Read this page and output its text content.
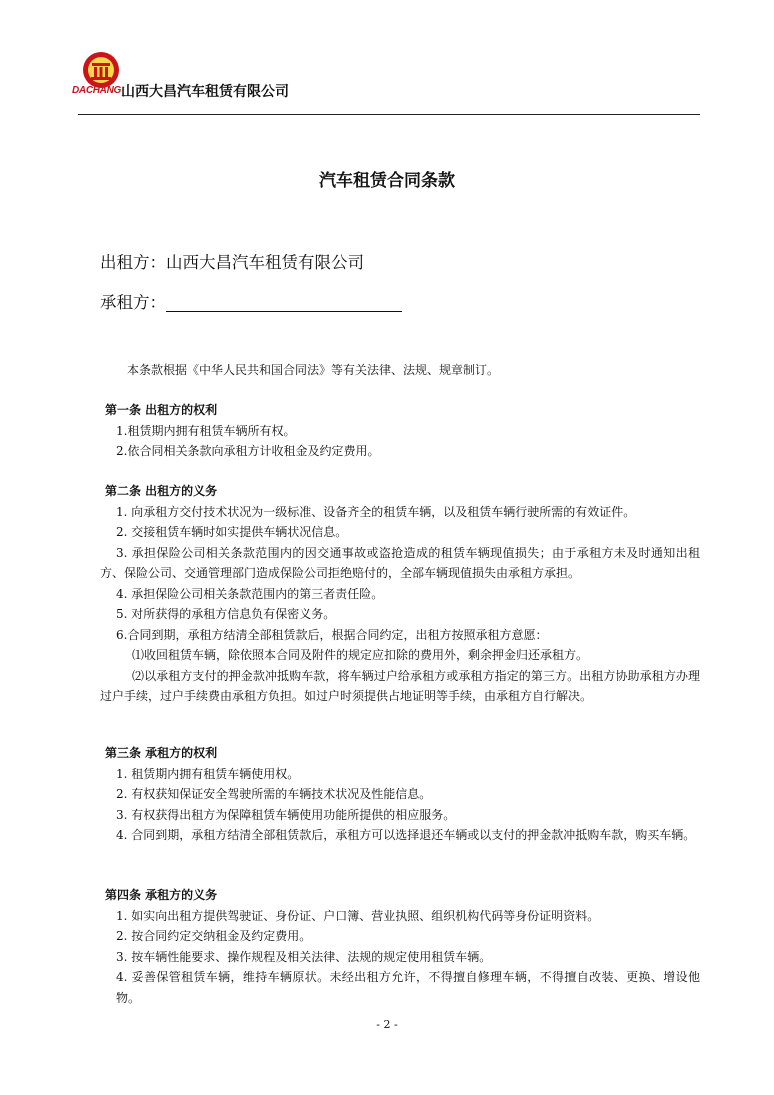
DACHANG 山西大昌汽车租赁有限公司
汽车租赁合同条款
出租方：山西大昌汽车租赁有限公司
承租方：
本条款根据《中华人民共和国合同法》等有关法律、法规、规章制订。
第一条 出租方的权利

1.租赁期内拥有租赁车辆所有权。

2.依合同相关条款向承租方计收租金及约定费用。

第二条 出租方的义务

1. 向承租方交付技术状况为一级标准、设备齐全的租赁车辆，以及租赁车辆行驶所需的有效证件。

2. 交接租赁车辆时如实提供车辆状况信息。

3. 承担保险公司相关条款范围内的因交通事故或盗抢造成的租赁车辆现值损失；由于承租方未及时通知出租方、保险公司、交通管理部门造成保险公司拒绝赔付的，全部车辆现值损失由承租方承担。

4. 承担保险公司相关条款范围内的第三者责任险。

5. 对所获得的承租方信息负有保密义务。

6.合同到期，承租方结清全部租赁款后，根据合同约定，出租方按照承租方意愿：

⑴收回租赁车辆，除依照本合同及附件的规定应扣除的费用外，剩余押金归还承租方。

⑵以承租方支付的押金款冲抵购车款，将车辆过户给承租方或承租方指定的第三方。出租方协助承租方办理过户手续，过户手续费由承租方负担。如过户时须提供占地证明等手续，由承租方自行解决。

第三条 承租方的权利

1. 租赁期内拥有租赁车辆使用权。

2. 有权获知保证安全驾驶所需的车辆技术状况及性能信息。

3. 有权获得出租方为保障租赁车辆使用功能所提供的相应服务。

4. 合同到期，承租方结清全部租赁款后，承租方可以选择退还车辆或以支付的押金款冲抵购车款，购买车辆。

第四条 承租方的义务

1. 如实向出租方提供驾驶证、身份证、户口簿、营业执照、组织机构代码等身份证明资料。

2. 按合同约定交纳租金及约定费用。

3. 按车辆性能要求、操作规程及相关法律、法规的规定使用租赁车辆。

4. 妥善保管租赁车辆，维持车辆原状。未经出租方允许，不得擅自修理车辆，不得擅自改装、更换、增设他物。

- 2 -
